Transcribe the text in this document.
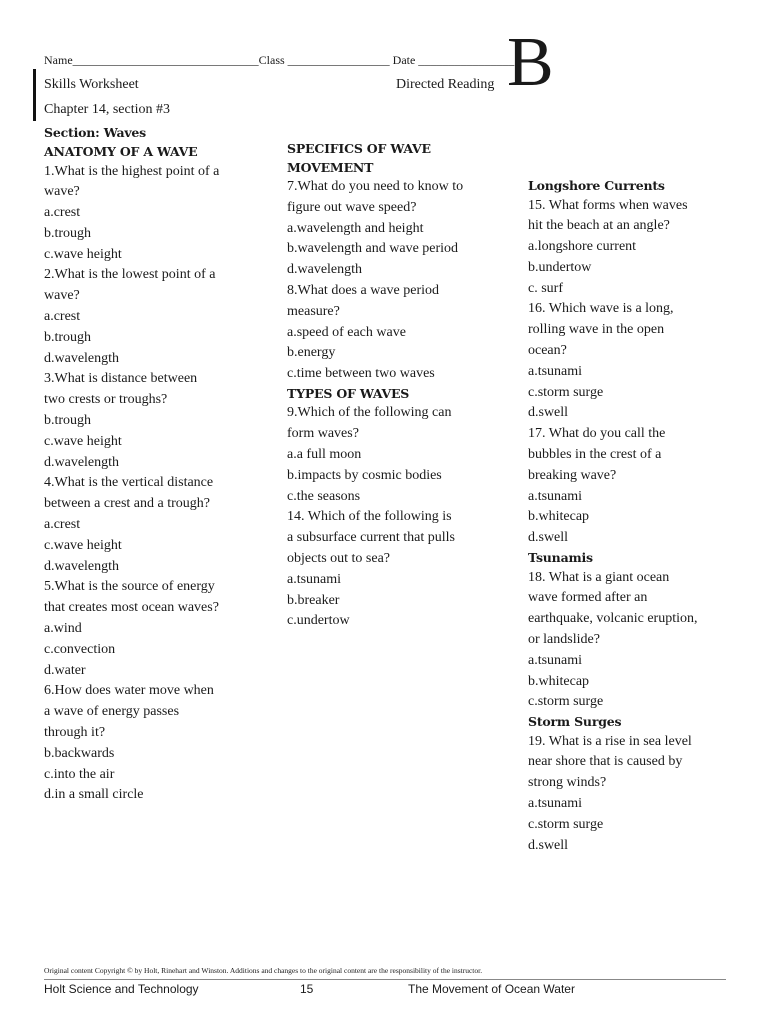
Name_______________________________Class _________________ Date ________________
Skills Worksheet	Directed Reading B
Chapter 14, section #3
Section: Waves
ANATOMY OF A WAVE
1.What is the highest point of a
wave?
a.crest
b.trough
c.wave height
2.What is the lowest point of a
wave?
a.crest
b.trough
d.wavelength
3.What is distance between
two crests or troughs?
b.trough
c.wave height
d.wavelength
4.What is the vertical distance
between a crest and a trough?
a.crest
c.wave height
d.wavelength
5.What is the source of energy
that creates most ocean waves?
a.wind
c.convection
d.water
6.How does water move when
a wave of energy passes
through it?
b.backwards
c.into the air
d.in a small circle
SPECIFICS OF WAVE
MOVEMENT
7.What do you need to know to
figure out wave speed?
a.wavelength and height
b.wavelength and wave period
d.wavelength
8.What does a wave period
measure?
a.speed of each wave
b.energy
c.time between two waves
TYPES OF WAVES
9.Which of the following can
form waves?
a.a full moon
b.impacts by cosmic bodies
c.the seasons
14. Which of the following is
a subsurface current that pulls
objects out to sea?
a.tsunami
b.breaker
c.undertow
Longshore Currents
15. What forms when waves
hit the beach at an angle?
a.longshore current
b.undertow
c. surf
16. Which wave is a long,
rolling wave in the open
ocean?
a.tsunami
c.storm surge
d.swell
17. What do you call the
bubbles in the crest of a
breaking wave?
a.tsunami
b.whitecap
d.swell
Tsunamis
18. What is a giant ocean
wave formed after an
earthquake, volcanic eruption,
or landslide?
a.tsunami
b.whitecap
c.storm surge
Storm Surges
19. What is a rise in sea level
near shore that is caused by
strong winds?
a.tsunami
c.storm surge
d.swell
Original content Copyright © by Holt, Rinehart and Winston. Additions and changes to the original content are the responsibility of the instructor.
Holt Science and Technology	15	The Movement of Ocean Water
